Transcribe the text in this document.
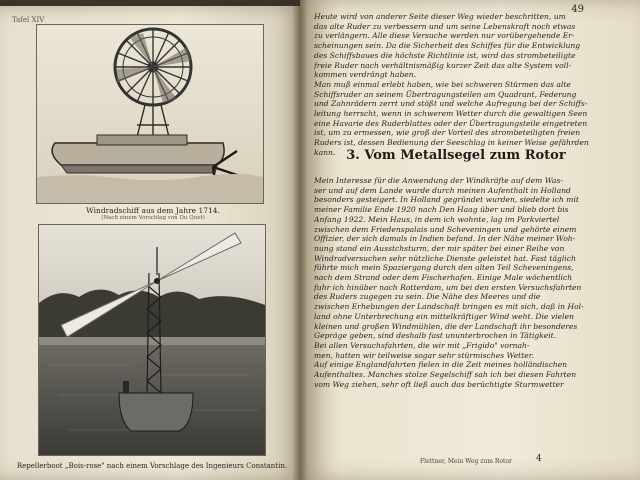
Tafel XIV
Windradschiff aus dem Jahre 1714.
(Nach einem Vorschlag von Du Quet)
Repellerboot „Bois-rose" nach einem Vorschlage des Ingenieurs Constantin.
49
Heute wird von anderer Seite dieser Weg wieder beschritten, um
das alte Ruder zu verbessern und um seine Lebenskraft noch etwas
zu verlängern. Alle diese Versuche werden nur vorübergehende Er-
scheinungen sein. Da die Sicherheit des Schiffes für die Entwicklung
des Schiffsbaues die höchste Richtlinie ist, wird das strombeteiligte
freie Ruder nach verhältnismäßig kurzer Zeit das alte System voll-
kommen verdrängt haben.
Man muß einmal erlebt haben, wie bei schweren Stürmen das alte
Schiffsruder an seinem Übertragungsteilen am Quadrant, Federung
und Zahnrädern zerrt und stößt und welche Aufregung bei der Schiffs-
leitung herrscht, wenn in schwerem Wetter durch die gewaltigen Seen
eine Havarie des Ruderblattes oder der Übertragungsteile eingetreten
ist, um zu ermessen, wie groß der Vorteil des strombeteiligten freien
Ruders ist, dessen Bedienung der Seeschlag in keiner Weise gefährden
kann. 3. Vom Metallsegel zum Rotor
Mein Interesse für die Anwendung der Windkräfte auf dem Was-
ser und auf dem Lande wurde durch meinen Aufenthalt in Holland
besonders gesteigert. In Holland gegründet wurden, siedelte ich mit
meiner Familie Ende 1920 nach Den Haag über und blieb dort bis
Anfang 1922. Mein Haus, in dem ich wohnte, lag im Parkviertel
zwischen dem Friedenspalais und Scheveningen und gehörte einem
Offizier, der sich damals in Indien befand. In der Nähe meiner Woh-
nung stand ein Ausstchsturm, der mir später bei einer Reihe von
Windradversuchen sehr nützliche Dienste geleistet hat. Fast täglich
führte mich mein Spaziergang durch den alten Teil Scheveningens,
nach dem Strand oder dem Fischerhafen. Einige Male wöchentlich
fuhr ich hinüber nach Rotterdam, um bei den ersten Versuchsfahrten
des Ruders zugegen zu sein. Die Nähe des Meeres und die
zwischen Erhebungen der Landschaft bringen es mit sich, daß in Hol-
land ohne Unterbrechung ein mittelkräftiger Wind weht. Die vielen
kleinen und großen Windmühlen, die der Landschaft ihr besonderes
Gepräge geben, sind deshalb fast ununterbrochen in Tätigkeit.
Bei allen Versuchsfahrten, die wir mit „Frigido" vornah-
men, hatten wir teilweise sogar sehr stürmisches Wetter.
Auf einige Englandfahrten fielen in die Zeit meines holländischen
Aufenthaltes. Manches stolze Segelschiff sah ich bei diesen Fahrten
vom Weg ziehen, sehr oft ließ auch das berüchtigte Sturmwetter
Flettner, Mein Weg zum Rotor	4
